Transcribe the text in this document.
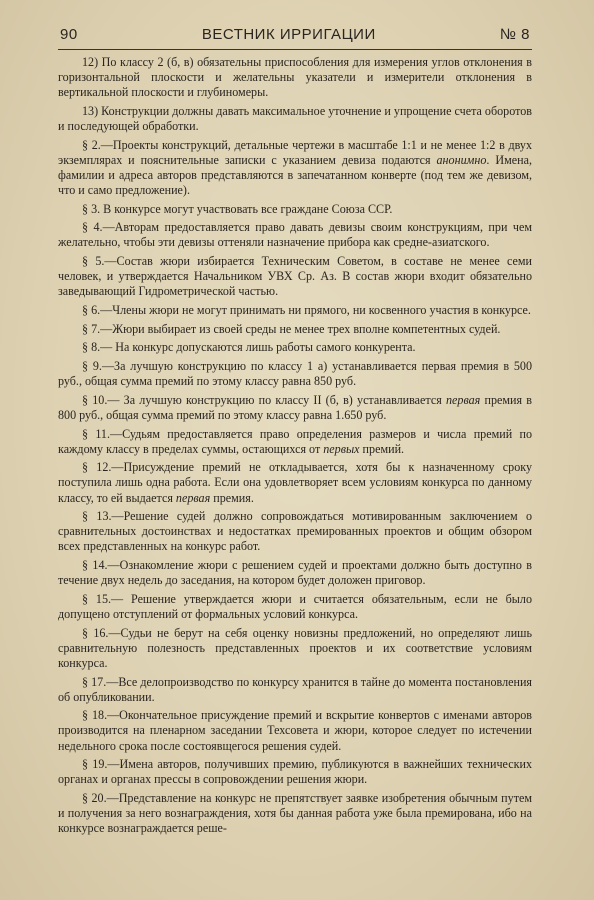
90	ВЕСТНИК ИРРИГАЦИИ	№ 8

12) По классу 2 (б, в) обязательны приспособления для измерения углов отклонения в горизонтальной плоскости и желательны указатели и измерители отклонения в вертикальной плоскости и глубиномеры.

13) Конструкции должны давать максимальное уточнение и упрощение счета оборотов и последующей обработки.

§ 2.—Проекты конструкций, детальные чертежи в масштабе 1:1 и не менее 1:2 в двух экземплярах и пояснительные записки с указанием девиза подаются анонимно. Имена, фамилии и адреса авторов представляются в запечатанном конверте (под тем же девизом, что и само предложение).

§ 3. В конкурсе могут участвовать все граждане Союза ССР.

§ 4.—Авторам предоставляется право давать девизы своим конструкциям, при чем желательно, чтобы эти девизы оттеняли назначение прибора как средне-азиатского.

§ 5.—Состав жюри избирается Техническим Советом, в составе не менее семи человек, и утверждается Начальником УВХ Ср. Аз. В состав жюри входит обязательно заведывающий Гидрометрической частью.

§ 6.—Члены жюри не могут принимать ни прямого, ни косвенного участия в конкурсе.

§ 7.—Жюри выбирает из своей среды не менее трех вполне компетентных судей.

§ 8.— На конкурс допускаются лишь работы самого конкурента.

§ 9.—За лучшую конструкцию по классу 1 а) устанавливается первая премия в 500 руб., общая сумма премий по этому классу равна 850 руб.

§ 10.— За лучшую конструкцию по классу II (б, в) устанавливается первая премия в 800 руб., общая сумма премий по этому классу равна 1.650 руб.

§ 11.—Судьям предоставляется право определения размеров и числа премий по каждому классу в пределах суммы, остающихся от первых премий.

§ 12.—Присуждение премий не откладывается, хотя бы к назначенному сроку поступила лишь одна работа. Если она удовлетворяет всем условиям конкурса по данному классу, то ей выдается первая премия.

§ 13.—Решение судей должно сопровождаться мотивированным заключением о сравнительных достоинствах и недостатках премированных проектов и общим обзором всех представленных на конкурс работ.

§ 14.—Ознакомление жюри с решением судей и проектами должно быть доступно в течение двух недель до заседания, на котором будет доложен приговор.

§ 15.— Решение утверждается жюри и считается обязательным, если не было допущено отступлений от формальных условий конкурса.

§ 16.—Судьи не берут на себя оценку новизны предложений, но определяют лишь сравнительную полезность представленных проектов и их соответствие условиям конкурса.

§ 17.—Все делопроизводство по конкурсу хранится в тайне до момента постановления об опубликовании.

§ 18.—Окончательное присуждение премий и вскрытие конвертов с именами авторов производится на пленарном заседании Техсовета и жюри, которое следует по истечении недельного срока после состоявщегося решения судей.

§ 19.—Имена авторов, получивших премию, публикуются в важнейших технических органах и органах прессы в сопровождении решения жюри.

§ 20.—Представление на конкурс не препятствует заявке изобретения обычным путем и получения за него вознаграждения, хотя бы данная работа уже была премирована, ибо на конкурсе вознаграждается реше-
